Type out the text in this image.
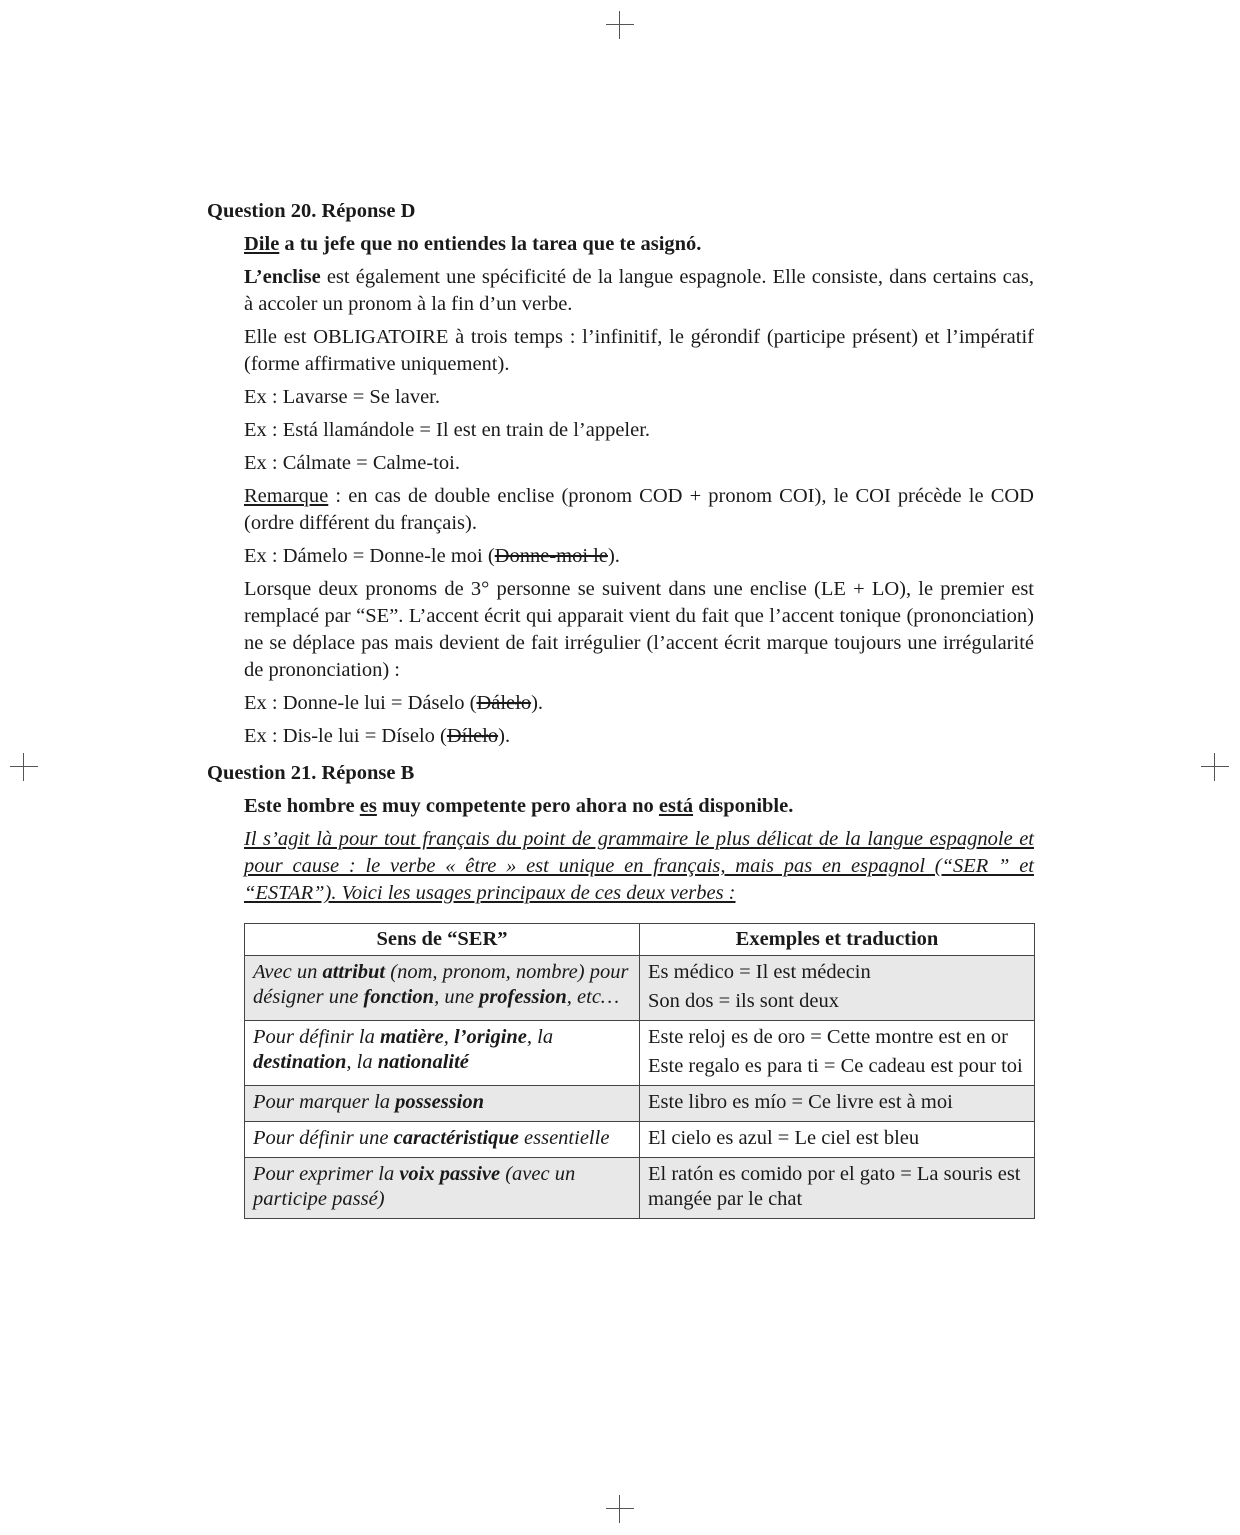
Question 20. Réponse D

Dile a tu jefe que no entiendes la tarea que te asignó.

L’enclise est également une spécificité de la langue espagnole. Elle consiste, dans certains cas, à accoler un pronom à la fin d’un verbe.

Elle est OBLIGATOIRE à trois temps : l’infinitif, le gérondif (participe présent) et l’impératif (forme affirmative uniquement).

Ex : Lavarse = Se laver.

Ex : Está llamándole = Il est en train de l’appeler.

Ex : Cálmate = Calme-toi.

Remarque : en cas de double enclise (pronom COD + pronom COI), le COI précède le COD (ordre différent du français).

Ex : Dámelo = Donne-le moi (Donne-moi le).

Lorsque deux pronoms de 3° personne se suivent dans une enclise (LE + LO), le premier est remplacé par “SE”. L’accent écrit qui apparait vient du fait que l’accent tonique (prononciation) ne se déplace pas mais devient de fait irrégulier (l’accent écrit marque toujours une irrégularité de prononciation) :

Ex : Donne-le lui = Dáselo (Dáleło).

Ex : Dis-le lui = Díselo (Díleło).

Question 21. Réponse B

Este hombre es muy competente pero ahora no está disponible.

Il s’agit là pour tout français du point de grammaire le plus délicat de la langue espagnole et pour cause : le verbe « être » est unique en français, mais pas en espagnol (“SER ” et “ESTAR”). Voici les usages principaux de ces deux verbes :

Sens de “SER”	Exemples et traduction
Avec un attribut (nom, pronom, nombre) pour désigner une fonction, une profession, etc…	Es médico = Il est médecin
Son dos = ils sont deux

Pour définir la matière, l’origine, la destination, la nationalité	Este reloj es de oro = Cette montre est en or
Este regalo es para ti = Ce cadeau est pour toi

Pour marquer la possession	Este libro es mío = Ce livre est à moi

Pour définir une caractéristique essentielle	El cielo es azul = Le ciel est bleu

Pour exprimer la voix passive (avec un participe passé)	El ratón es comido por el gato = La souris est mangée par le chat
